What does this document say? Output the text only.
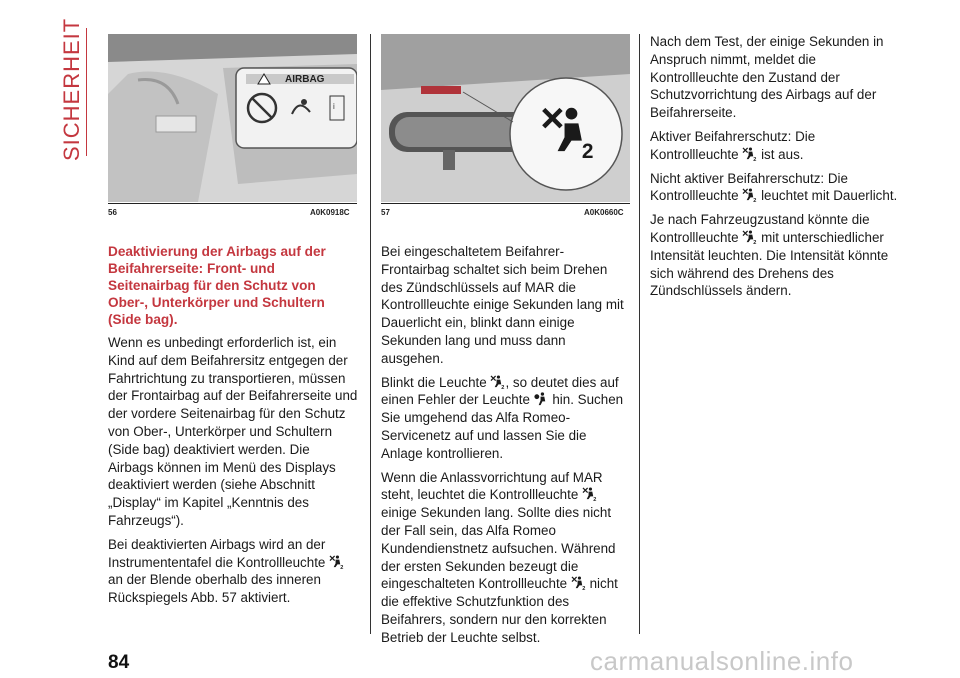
SICHERHEIT	AIRBAG
i
56	A0K0918C	57	A0K0660C
Deaktivierung der Airbags auf der Beifahrerseite: Front- und Seitenairbag für den Schutz von Ober-, Unterkörper und Schultern (Side bag).

Wenn es unbedingt erforderlich ist, ein Kind auf dem Beifahrersitz entgegen der Fahrtrichtung zu transportieren, müssen der Frontairbag auf der Beifahrerseite und der vordere Seitenairbag für den Schutz von Ober-, Unterkörper und Schultern (Side bag) deaktiviert werden. Die Airbags können im Menü des Displays deaktiviert werden (siehe Abschnitt „Display“ im Kapitel „Kenntnis des Fahrzeugs“).

Bei deaktivierten Airbags wird an der Instrumententafel die Kontrollleuchte  an der Blende oberhalb des inneren Rückspiegels Abb. 57 aktiviert.

Bei eingeschaltetem Beifahrer-Frontairbag schaltet sich beim Drehen des Zündschlüssels auf MAR die Kontrollleuchte einige Sekunden lang mit Dauerlicht ein, blinkt dann einige Sekunden lang und muss dann ausgehen.

Blinkt die Leuchte , so deutet dies auf einen Fehler der Leuchte hin. Suchen Sie umgehend das Alfa Romeo-Servicenetz auf und lassen Sie die Anlage kontrollieren.

Wenn die Anlassvorrichtung auf MAR steht, leuchtet die Kontrollleuchte  einige Sekunden lang. Sollte dies nicht der Fall sein, das Alfa Romeo Kundendienstnetz aufsuchen. Während der ersten Sekunden bezeugt die eingeschalteten Kontrollleuchte nicht die effektive Schutzfunktion des Beifahrers, sondern nur den korrekten Betrieb der Leuchte selbst.

Nach dem Test, der einige Sekunden in Anspruch nimmt, meldet die Kontrollleuchte den Zustand der Schutzvorrichtung des Airbags auf der Beifahrerseite.

Aktiver Beifahrerschutz: Die Kontrollleuchte ist aus.

Nicht aktiver Beifahrerschutz: Die Kontrollleuchte leuchtet mit Dauerlicht.

Je nach Fahrzeugzustand könnte die Kontrollleuchte mit unterschiedlicher Intensität leuchten. Die Intensität könnte sich während des Drehens des Zündschlüssels ändern.

84	carmanualsonline.info
